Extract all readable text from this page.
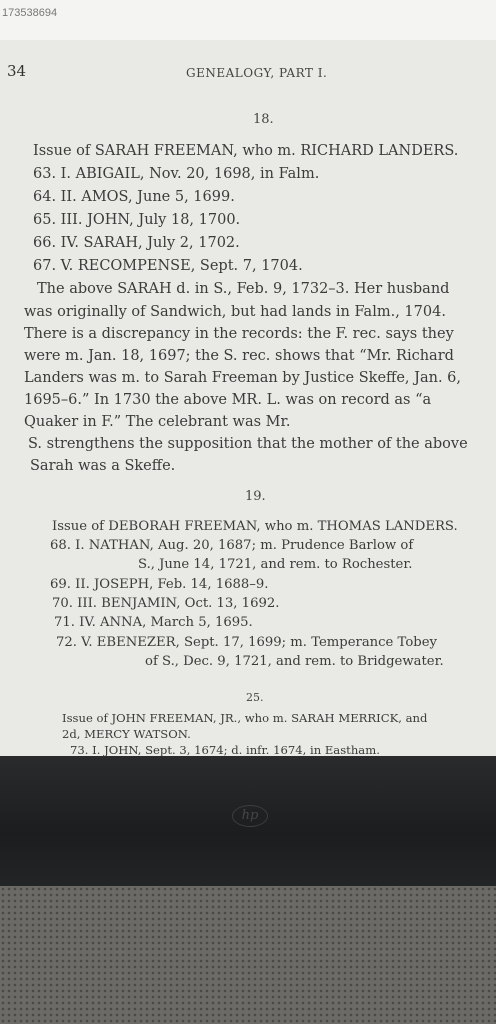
173538694
34	GENEALOGY, PART I.
18.
Issue of SARAH FREEMAN, who m. RICHARD LANDERS.
63. I. ABIGAIL, Nov. 20, 1698, in Falm.
64. II. AMOS, June 5, 1699.
65. III. JOHN, July 18, 1700.
66. IV. SARAH, July 2, 1702.
67. V. RECOMPENSE, Sept. 7, 1704.
The above SARAH d. in S., Feb. 9, 1732–3. Her husband
was originally of Sandwich, but had lands in Falm., 1704.
There is a discrepancy in the records: the F. rec. says they
were m. Jan. 18, 1697; the S. rec. shows that “Mr. Richard
Landers was m. to Sarah Freeman by Justice Skeffe, Jan. 6,
1695–6.” In 1730 the above MR. L. was on record as “a
Quaker in F.” The celebrant was Mr.
S. strengthens the supposition that the mother of the above
Sarah was a Skeffe.
19.
Issue of DEBORAH FREEMAN, who m. THOMAS LANDERS.
68. I. NATHAN, Aug. 20, 1687; m. Prudence Barlow of
S., June 14, 1721, and rem. to Rochester.
69. II. JOSEPH, Feb. 14, 1688–9.
70. III. BENJAMIN, Oct. 13, 1692.
71. IV. ANNA, March 5, 1695.
72. V. EBENEZER, Sept. 17, 1699; m. Temperance Tobey
of S., Dec. 9, 1721, and rem. to Bridgewater.
25.
Issue of JOHN FREEMAN, JR., who m. SARAH MERRICK, and
2d, MERCY WATSON.
73. I. JOHN, Sept. 3, 1674; d. infr. 1674, in Eastham.
hp
